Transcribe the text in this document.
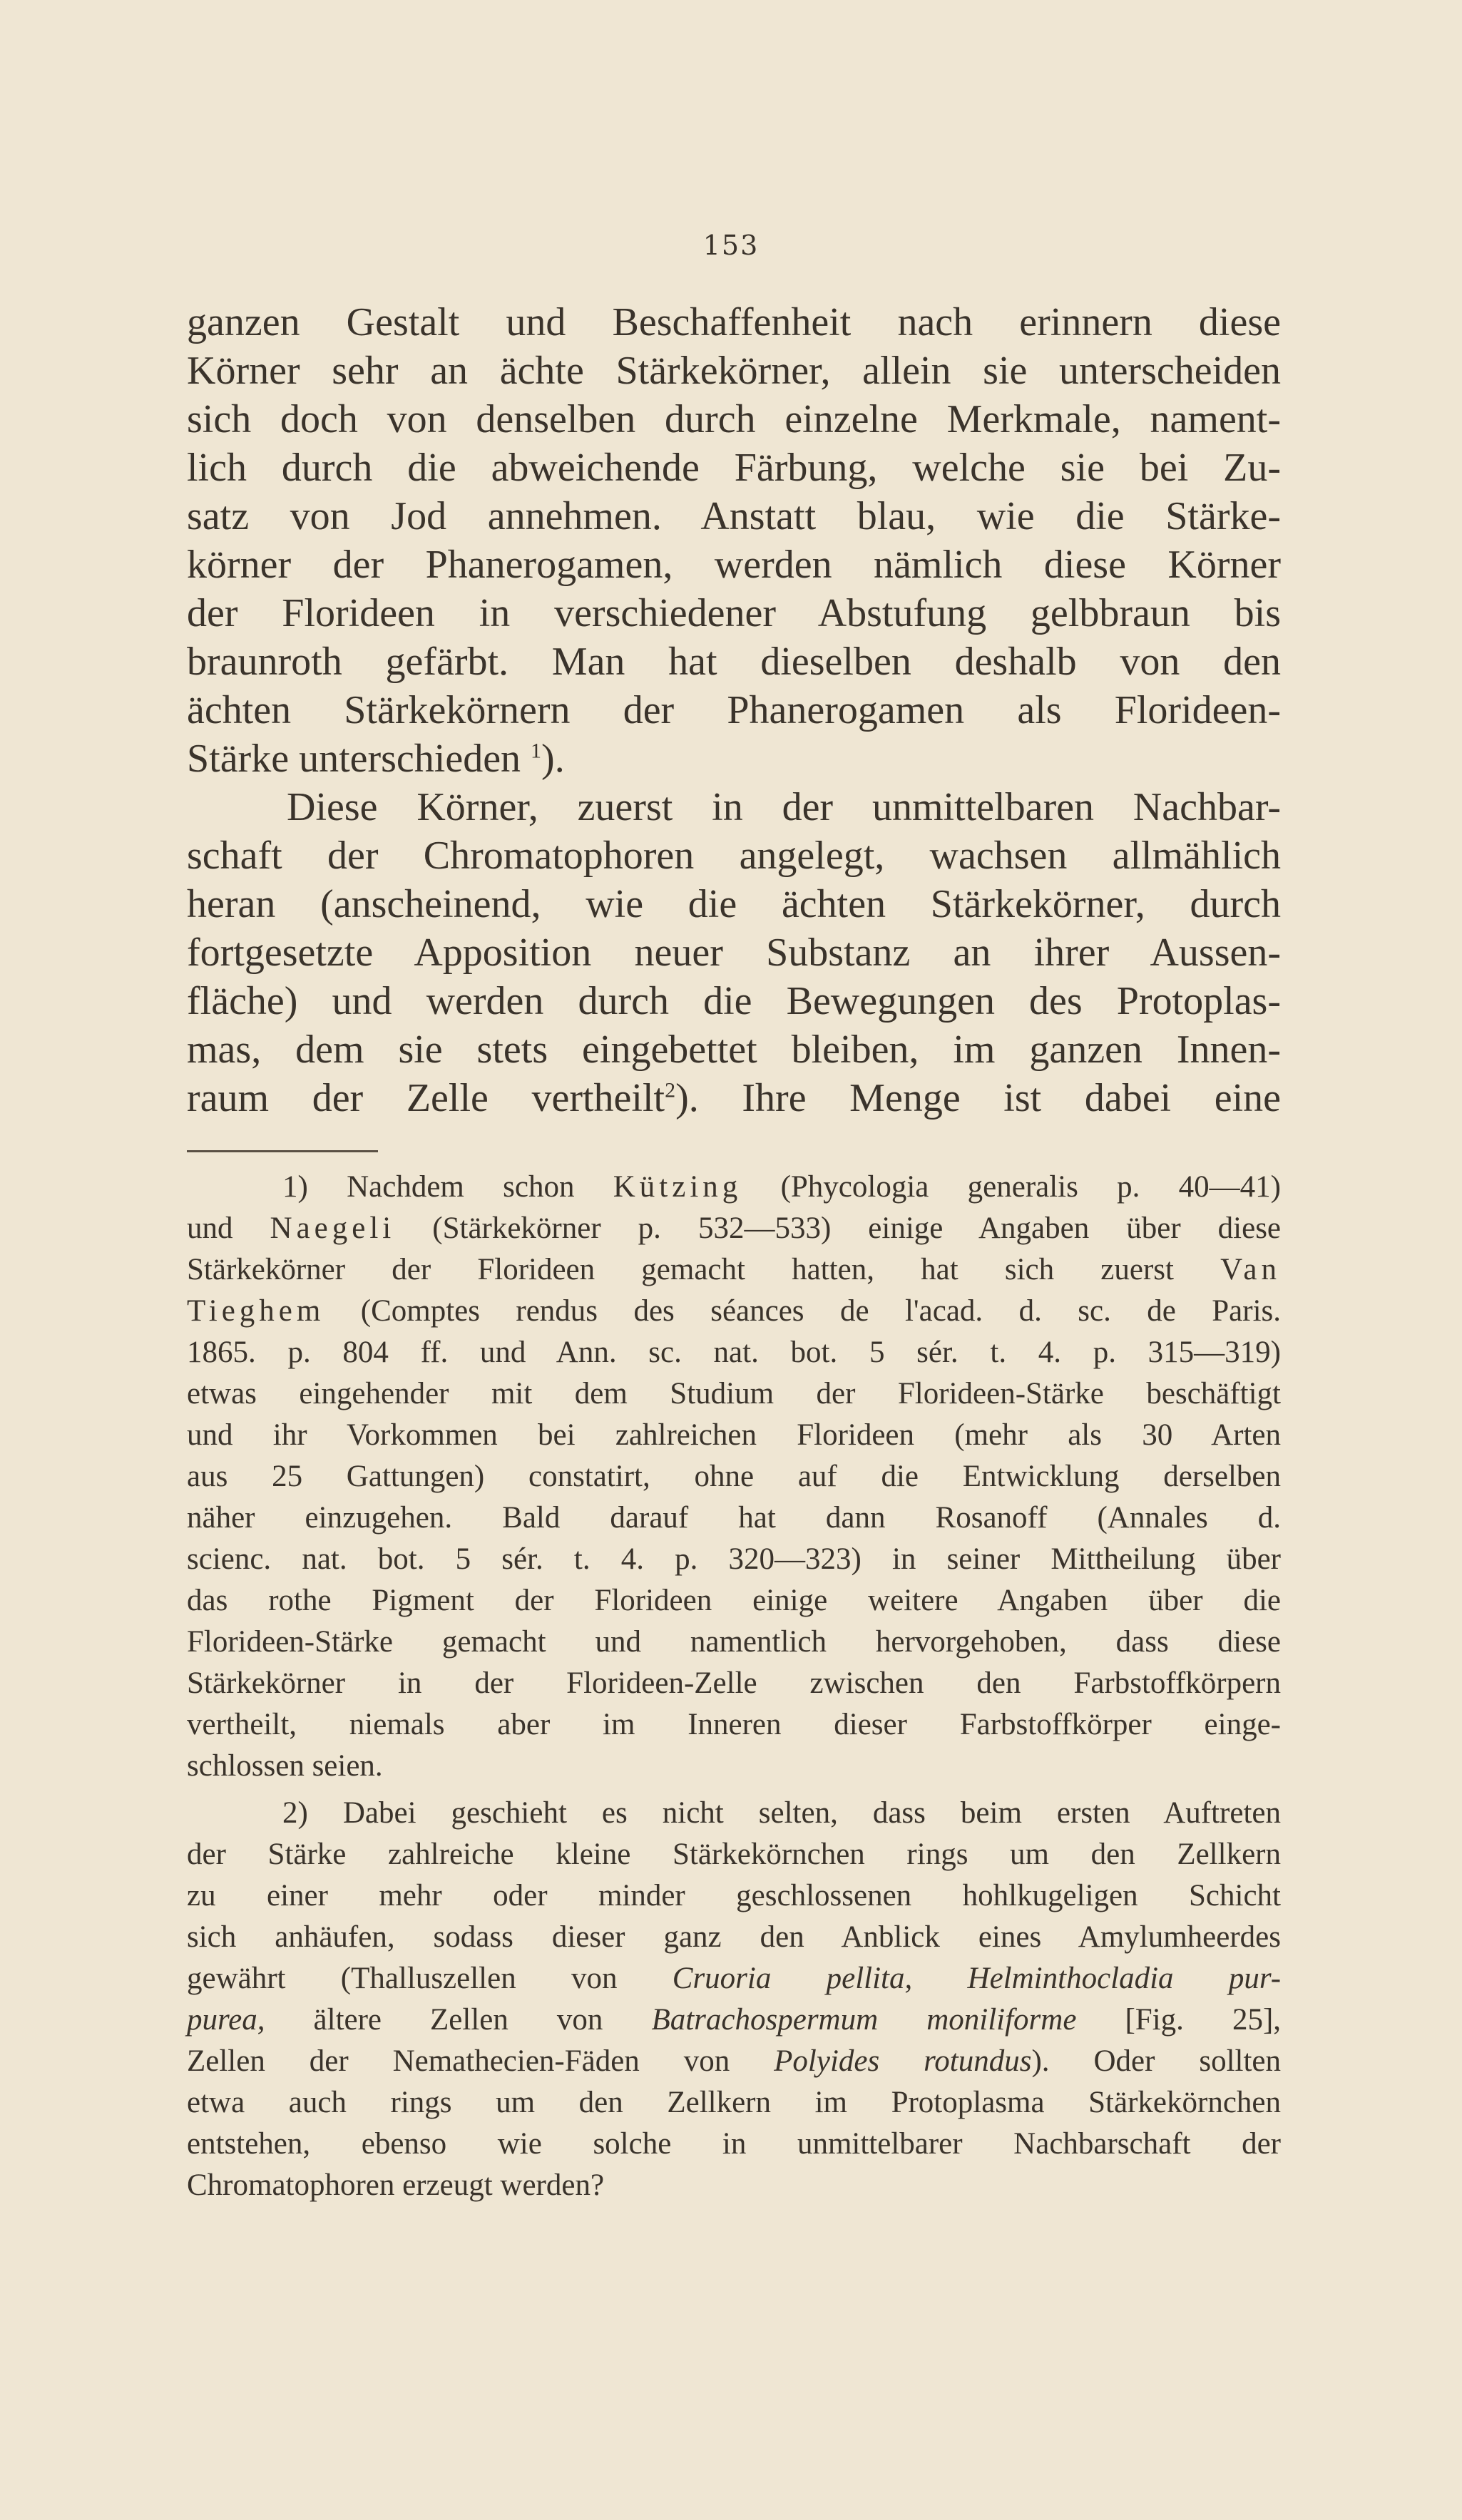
153
ganzen Gestalt und Beschaffenheit nach erinnern diese
Körner sehr an ächte Stärkekörner, allein sie unterscheiden
sich doch von denselben durch einzelne Merkmale, nament-
lich durch die abweichende Färbung, welche sie bei Zu-
satz von Jod annehmen. Anstatt blau, wie die Stärke-
körner der Phanerogamen, werden nämlich diese Körner
der Florideen in verschiedener Abstufung gelbbraun bis
braunroth gefärbt. Man hat dieselben deshalb von den
ächten Stärkekörnern der Phanerogamen als Florideen-
Stärke unterschieden $^1$).
Diese Körner, zuerst in der unmittelbaren Nachbar-
schaft der Chromatophoren angelegt, wachsen allmählich
heran (anscheinend, wie die ächten Stärkekörner, durch
fortgesetzte Apposition neuer Substanz an ihrer Aussen-
fläche) und werden durch die Bewegungen des Protoplas-
mas, dem sie stets eingebettet bleiben, im ganzen Innen-
raum der Zelle vertheilt$^2$). Ihre Menge ist dabei eine
1) Nachdem schon Kützing (Phycologia generalis p. 40—41)
und Naegeli (Stärkekörner p. 532—533) einige Angaben über diese
Stärkekörner der Florideen gemacht hatten, hat sich zuerst Van
Tieghem (Comptes rendus des séances de l'acad. d. sc. de Paris.
1865. p. 804 ff. und Ann. sc. nat. bot. 5 sér. t. 4. p. 315—319)
etwas eingehender mit dem Studium der Florideen-Stärke beschäftigt
und ihr Vorkommen bei zahlreichen Florideen (mehr als 30 Arten
aus 25 Gattungen) constatirt, ohne auf die Entwicklung derselben
näher einzugehen. Bald darauf hat dann Rosanoff (Annales d.
scienc. nat. bot. 5 sér. t. 4. p. 320—323) in seiner Mittheilung über
das rothe Pigment der Florideen einige weitere Angaben über die
Florideen-Stärke gemacht und namentlich hervorgehoben, dass diese
Stärkekörner in der Florideen-Zelle zwischen den Farbstoffkörpern
vertheilt, niemals aber im Inneren dieser Farbstoffkörper einge-
schlossen seien.
2) Dabei geschieht es nicht selten, dass beim ersten Auftreten
der Stärke zahlreiche kleine Stärkekörnchen rings um den Zellkern
zu einer mehr oder minder geschlossenen hohlkugeligen Schicht
sich anhäufen, sodass dieser ganz den Anblick eines Amylumheerdes
gewährt (Thalluszellen von Cruoria pellita, Helminthocladia pur-
purea, ältere Zellen von Batrachospermum moniliforme [Fig. 25],
Zellen der Nemathecien-Fäden von Polyides rotundus). Oder sollten
etwa auch rings um den Zellkern im Protoplasma Stärkekörnchen
entstehen, ebenso wie solche in unmittelbarer Nachbarschaft der
Chromatophoren erzeugt werden?
